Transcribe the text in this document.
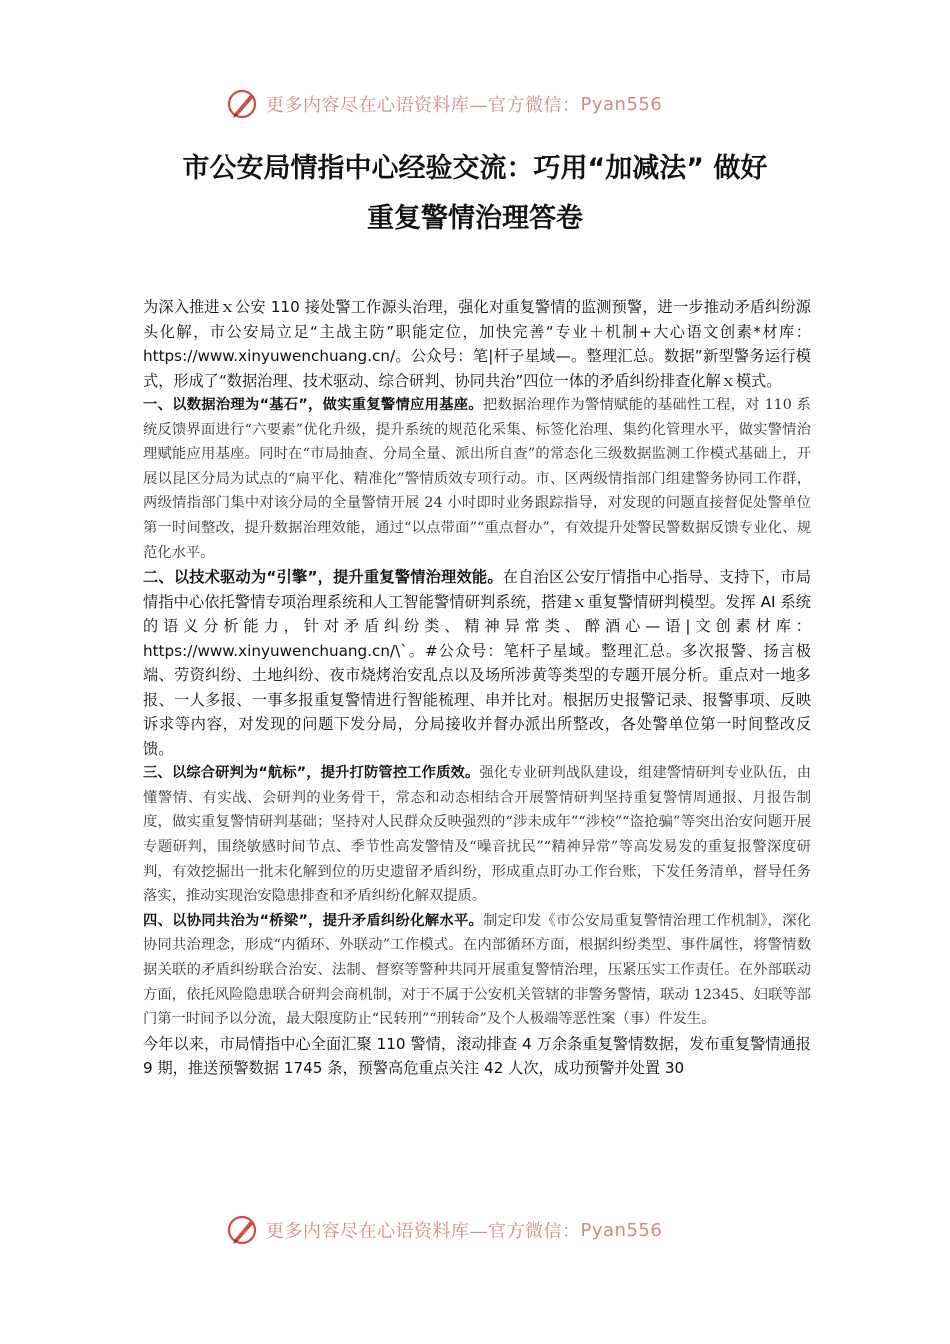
更多内容尽在心语资料库—官方微信： Pyan556
市公安局情指中心经验交流：巧用“加减法” 做好
重复警情治理答卷

为深入推进ｘ公安 110 接处警工作源头治理，强化对重复警情的监测预警，进一步推动矛盾纠纷源头化解，市公安局立足“主战主防”职能定位，加快完善“专业＋机制+大心语文创素*材库：https://www.xinyuwenchuang.cn/。公众号：笔|杆子星域—。整理汇总。数据”新型警务运行模式，形成了“数据治理、技术驱动、综合研判、协同共治”四位一体的矛盾纠纷排查化解ｘ模式。

一、以数据治理为“基石”，做实重复警情应用基座。把数据治理作为警情赋能的基础性工程，对 110 系统反馈界面进行“六要素”优化升级，提升系统的规范化采集、标签化治理、集约化管理水平，做实警情治理赋能应用基座。同时在“市局抽查、分局全量、派出所自查”的常态化三级数据监测工作模式基础上，开展以昆区分局为试点的“扁平化、精准化”警情质效专项行动。市、区两级情指部门组建警务协同工作群，两级情指部门集中对该分局的全量警情开展 24 小时即时业务跟踪指导，对发现的问题直接督促处警单位第一时间整改，提升数据治理效能，通过“以点带面”“重点督办”，有效提升处警民警数据反馈专业化、规范化水平。

二、以技术驱动为“引擎”，提升重复警情治理效能。在自治区公安厅情指中心指导、支持下，市局情指中心依托警情专项治理系统和人工智能警情研判系统，搭建ｘ重复警情研判模型。发挥 AI 系统的语义分析能力，针对矛盾纠纷类、精神异常类、醉酒心—语|文创素材库：https://www.xinyuwenchuang.cn/\`。#公众号：笔杆子星域。整理汇总。多次报警、扬言极端、劳资纠纷、土地纠纷、夜市烧烤治安乱点以及场所涉黄等类型的专题开展分析。重点对一地多报、一人多报、一事多报重复警情进行智能梳理、串并比对。根据历史报警记录、报警事项、反映诉求等内容，对发现的问题下发分局，分局接收并督办派出所整改，各处警单位第一时间整改反馈。

三、以综合研判为“航标”，提升打防管控工作质效。强化专业研判战队建设，组建警情研判专业队伍，由懂警情、有实战、会研判的业务骨干，常态和动态相结合开展警情研判坚持重复警情周通报、月报告制度，做实重复警情研判基础；坚持对人民群众反映强烈的“涉未成年”“涉校”“盗抢骗”等突出治安问题开展专题研判，围绕敏感时间节点、季节性高发警情及“噪音扰民”“精神异常”等高发易发的重复报警深度研判，有效挖掘出一批未化解到位的历史遗留矛盾纠纷，形成重点盯办工作台账，下发任务清单，督导任务落实，推动实现治安隐患排查和矛盾纠纷化解双提质。

四、以协同共治为“桥梁”，提升矛盾纠纷化解水平。制定印发《市公安局重复警情治理工作机制》，深化协同共治理念，形成“内循环、外联动”工作模式。在内部循环方面，根据纠纷类型、事件属性，将警情数据关联的矛盾纠纷联合治安、法制、督察等警种共同开展重复警情治理，压紧压实工作责任。在外部联动方面，依托风险隐患联合研判会商机制，对于不属于公安机关管辖的非警务警情，联动 12345、妇联等部门第一时间予以分流，最大限度防止“民转刑”“刑转命”及个人极端等恶性案（事）件发生。

今年以来，市局情指中心全面汇聚 110 警情，滚动排查 4 万余条重复警情数据，发布重复警情通报 9 期，推送预警数据 1745 条，预警高危重点关注 42 人次，成功预警并处置 30

更多内容尽在心语资料库—官方微信： Pyan556
